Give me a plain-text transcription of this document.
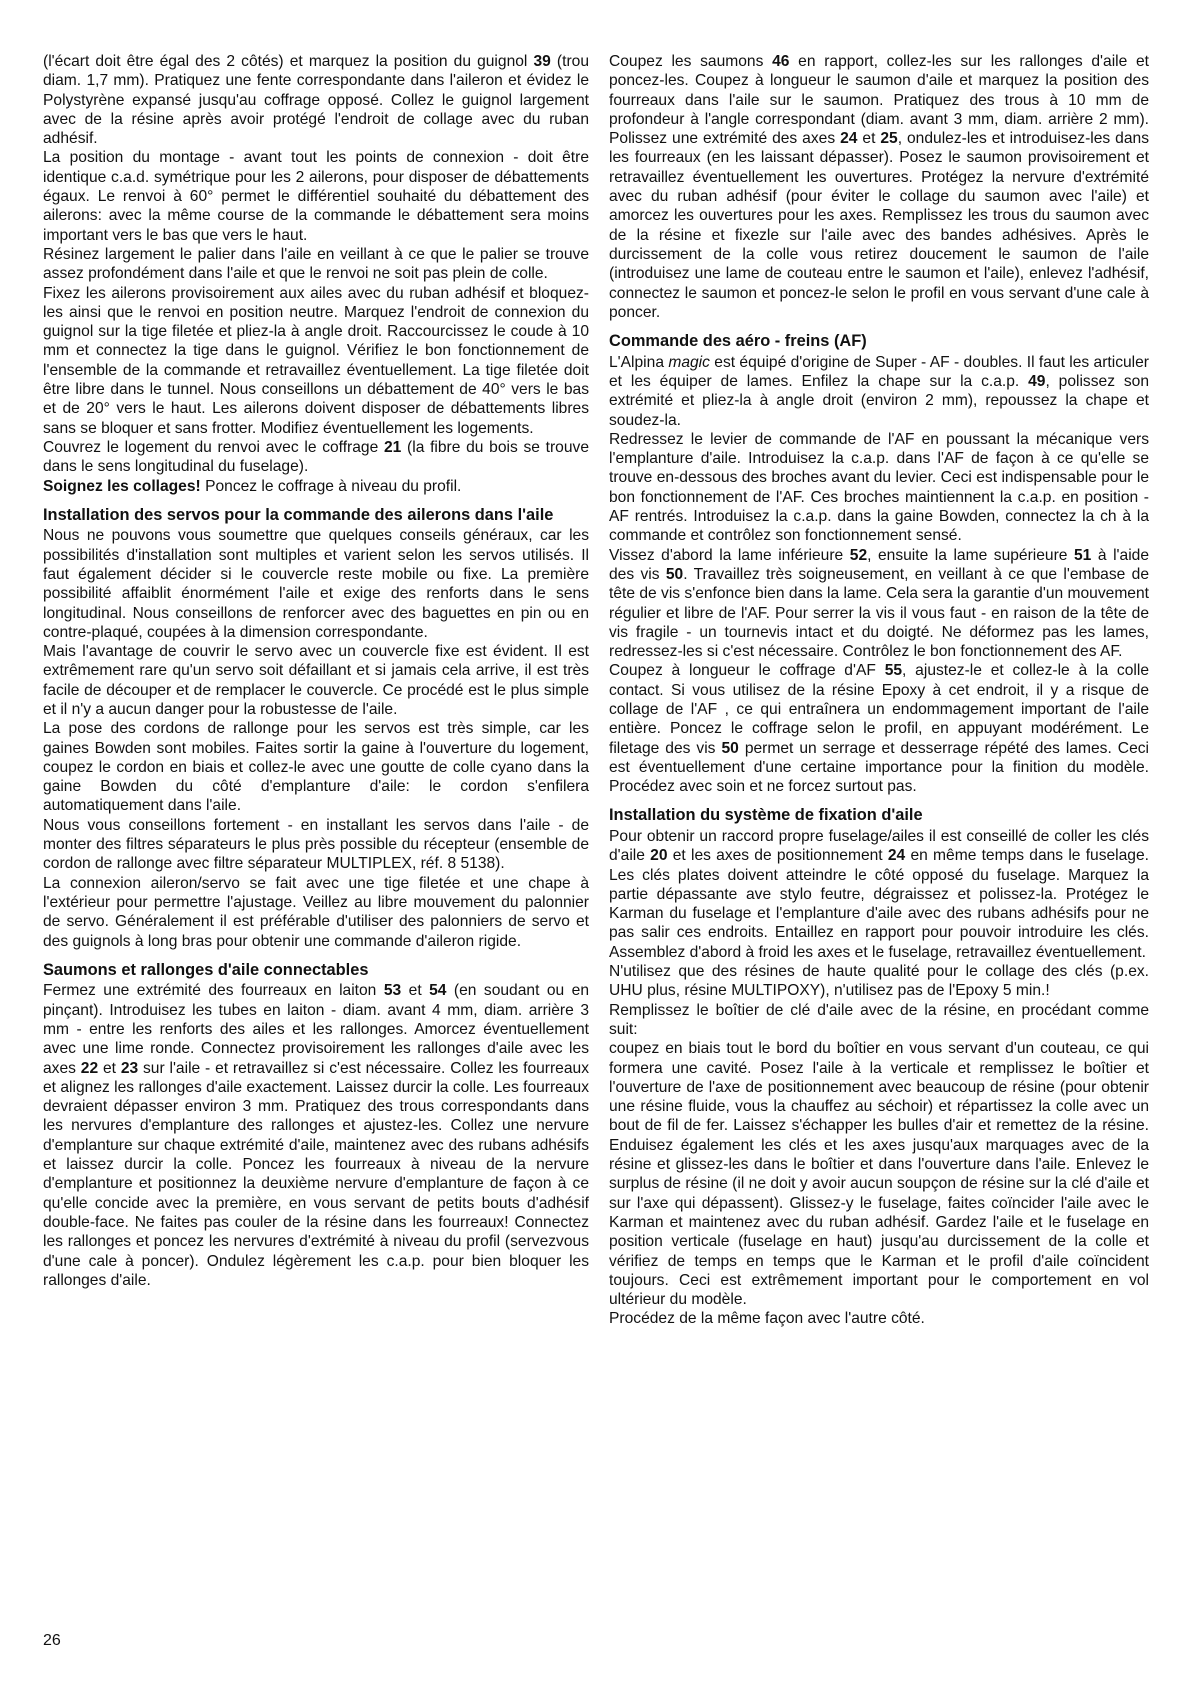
(l'écart doit être égal des 2 côtés) et marquez la position du guignol 39 (trou diam. 1,7 mm). Pratiquez une fente correspondante dans l'aileron et évidez le Polystyrène expansé jusqu'au coffrage opposé. Collez le guignol largement avec de la résine après avoir protégé l'endroit de collage avec du ruban adhésif.

La position du montage - avant tout les points de connexion - doit être identique c.a.d. symétrique pour les 2 ailerons, pour disposer de débattements égaux. Le renvoi à 60° permet le différentiel souhaité du débattement des ailerons: avec la même course de la commande le débattement sera moins important vers le bas que vers le haut.

Résinez largement le palier dans l'aile en veillant à ce que le palier se trouve assez profondément dans l'aile et que le renvoi ne soit pas plein de colle.

Fixez les ailerons provisoirement aux ailes avec du ruban adhésif et bloquez-les ainsi que le renvoi en position neutre. Marquez l'endroit de connexion du guignol sur la tige filetée et pliez-la à angle droit. Raccourcissez le coude à 10 mm et connectez la tige dans le guignol. Vérifiez le bon fonctionnement de l'ensemble de la commande et retravaillez éventuellement. La tige filetée doit être libre dans le tunnel. Nous conseillons un débattement de 40° vers le bas et de 20° vers le haut. Les ailerons doivent disposer de débattements libres sans se bloquer et sans frotter. Modifiez éventuellement les logements.

Couvrez le logement du renvoi avec le coffrage 21 (la fibre du bois se trouve dans le sens longitudinal du fuselage).

Soignez les collages! Poncez le coffrage à niveau du profil.

Installation des servos pour la commande des ailerons dans l'aile

Nous ne pouvons vous soumettre que quelques conseils généraux, car les possibilités d'installation sont multiples et varient selon les servos utilisés. Il faut également décider si le couvercle reste mobile ou fixe. La première possibilité affaiblit énormément l'aile et exige des renforts dans le sens longitudinal. Nous conseillons de renforcer avec des baguettes en pin ou en contre-plaqué, coupées à la dimension correspondante.

Mais l'avantage de couvrir le servo avec un couvercle fixe est évident. Il est extrêmement rare qu'un servo soit défaillant et si jamais cela arrive, il est très facile de découper et de remplacer le couvercle. Ce procédé est le plus simple et il n'y a aucun danger pour la robustesse de l'aile.

La pose des cordons de rallonge pour les servos est très simple, car les gaines Bowden sont mobiles. Faites sortir la gaine à l'ouverture du logement, coupez le cordon en biais et collez-le avec une goutte de colle cyano dans la gaine Bowden du côté d'emplanture d'aile: le cordon s'enfilera automatiquement dans l'aile.

Nous vous conseillons fortement - en installant les servos dans l'aile - de monter des filtres séparateurs le plus près possible du récepteur (ensemble de cordon de rallonge avec filtre séparateur MULTIPLEX, réf. 8 5138).

La connexion aileron/servo se fait avec une tige filetée et une chape à l'extérieur pour permettre l'ajustage. Veillez au libre mouvement du palonnier de servo. Généralement il est préférable d'utiliser des palonniers de servo et des guignols à long bras pour obtenir une commande d'aileron rigide.

Saumons et rallonges d'aile connectables

Fermez une extrémité des fourreaux en laiton 53 et 54 (en soudant ou en pinçant). Introduisez les tubes en laiton - diam. avant 4 mm, diam. arrière 3 mm - entre les renforts des ailes et les rallonges. Amorcez éventuellement avec une lime ronde. Connectez provisoirement les rallonges d'aile avec les axes 22 et 23 sur l'aile - et retravaillez si c'est nécessaire. Collez les fourreaux et alignez les rallonges d'aile exactement. Laissez durcir la colle. Les fourreaux devraient dépasser environ 3 mm. Pratiquez des trous correspondants dans les nervures d'emplanture des rallonges et ajustez-les. Collez une nervure d'emplanture sur chaque extrémité d'aile, maintenez avec des rubans adhésifs et laissez durcir la colle. Poncez les fourreaux à niveau de la nervure d'emplanture et positionnez la deuxième nervure d'emplanture de façon à ce qu'elle concide avec la première, en vous servant de petits bouts d'adhésif double-face. Ne faites pas couler de la résine dans les fourreaux! Connectez les rallonges et poncez les nervures d'extrémité à niveau du profil (servezvous d'une cale à poncer). Ondulez légèrement les c.a.p. pour bien bloquer les rallonges d'aile.

Coupez les saumons 46 en rapport, collez-les sur les rallonges d'aile et poncez-les. Coupez à longueur le saumon d'aile et marquez la position des fourreaux dans l'aile sur le saumon. Pratiquez des trous à 10 mm de profondeur à l'angle correspondant (diam. avant 3 mm, diam. arrière 2 mm). Polissez une extrémité des axes 24 et 25, ondulez-les et introduisez-les dans les fourreaux (en les laissant dépasser). Posez le saumon provisoirement et retravaillez éventuellement les ouvertures. Protégez la nervure d'extrémité avec du ruban adhésif (pour éviter le collage du saumon avec l'aile) et amorcez les ouvertures pour les axes. Remplissez les trous du saumon avec de la résine et fixezle sur l'aile avec des bandes adhésives. Après le durcissement de la colle vous retirez doucement le saumon de l'aile (introduisez une lame de couteau entre le saumon et l'aile), enlevez l'adhésif, connectez le saumon et poncez-le selon le profil en vous servant d'une cale à poncer.

Commande des aéro - freins (AF)

L'Alpina magic est équipé d'origine de Super - AF - doubles. Il faut les articuler et les équiper de lames. Enfilez la chape sur la c.a.p. 49, polissez son extrémité et pliez-la à angle droit (environ 2 mm), repoussez la chape et soudez-la.

Redressez le levier de commande de l'AF en poussant la mécanique vers l'emplanture d'aile. Introduisez la c.a.p. dans l'AF de façon à ce qu'elle se trouve en-dessous des broches avant du levier. Ceci est indispensable pour le bon fonctionnement de l'AF. Ces broches maintiennent la c.a.p. en position - AF rentrés. Introduisez la c.a.p. dans la gaine Bowden, connectez la ch à la commande et contrôlez son fonctionnement sensé.

Vissez d'abord la lame inférieure 52, ensuite la lame supérieure 51 à l'aide des vis 50. Travaillez très soigneusement, en veillant à ce que l'embase de tête de vis s'enfonce bien dans la lame. Cela sera la garantie d'un mouvement régulier et libre de l'AF. Pour serrer la vis il vous faut - en raison de la tête de vis fragile - un tournevis intact et du doigté. Ne déformez pas les lames, redressez-les si c'est nécessaire. Contrôlez le bon fonctionnement des AF.

Coupez à longueur le coffrage d'AF 55, ajustez-le et collez-le à la colle contact. Si vous utilisez de la résine Epoxy à cet endroit, il y a risque de collage de l'AF , ce qui entraînera un endommagement important de l'aile entière. Poncez le coffrage selon le profil, en appuyant modérément. Le filetage des vis 50 permet un serrage et desserrage répété des lames. Ceci est éventuellement d'une certaine importance pour la finition du modèle. Procédez avec soin et ne forcez surtout pas.

Installation du système de fixation d'aile

Pour obtenir un raccord propre fuselage/ailes il est conseillé de coller les clés d'aile 20 et les axes de positionnement 24 en même temps dans le fuselage. Les clés plates doivent atteindre le côté opposé du fuselage. Marquez la partie dépassante ave stylo feutre, dégraissez et polissez-la. Protégez le Karman du fuselage et l'emplanture d'aile avec des rubans adhésifs pour ne pas salir ces endroits. Entaillez en rapport pour pouvoir introduire les clés. Assemblez d'abord à froid les axes et le fuselage, retravaillez éventuellement.

N'utilisez que des résines de haute qualité pour le collage des clés (p.ex. UHU plus, résine MULTIPOXY), n'utilisez pas de l'Epoxy 5 min.!

Remplissez le boîtier de clé d'aile avec de la résine, en procédant comme suit:

coupez en biais tout le bord du boîtier en vous servant d'un couteau, ce qui formera une cavité. Posez l'aile à la verticale et remplissez le boîtier et l'ouverture de l'axe de positionnement avec beaucoup de résine (pour obtenir une résine fluide, vous la chauffez au séchoir) et répartissez la colle avec un bout de fil de fer. Laissez s'échapper les bulles d'air et remettez de la résine. Enduisez également les clés et les axes jusqu'aux marquages avec de la résine et glissez-les dans le boîtier et dans l'ouverture dans l'aile. Enlevez le surplus de résine (il ne doit y avoir aucun soupçon de résine sur la clé d'aile et sur l'axe qui dépassent). Glissez-y le fuselage, faites coïncider l'aile avec le Karman et maintenez avec du ruban adhésif. Gardez l'aile et le fuselage en position verticale (fuselage en haut) jusqu'au durcissement de la colle et vérifiez de temps en temps que le Karman et le profil d'aile coïncident toujours. Ceci est extrêmement important pour le comportement en vol ultérieur du modèle.

Procédez de la même façon avec l'autre côté.

26
